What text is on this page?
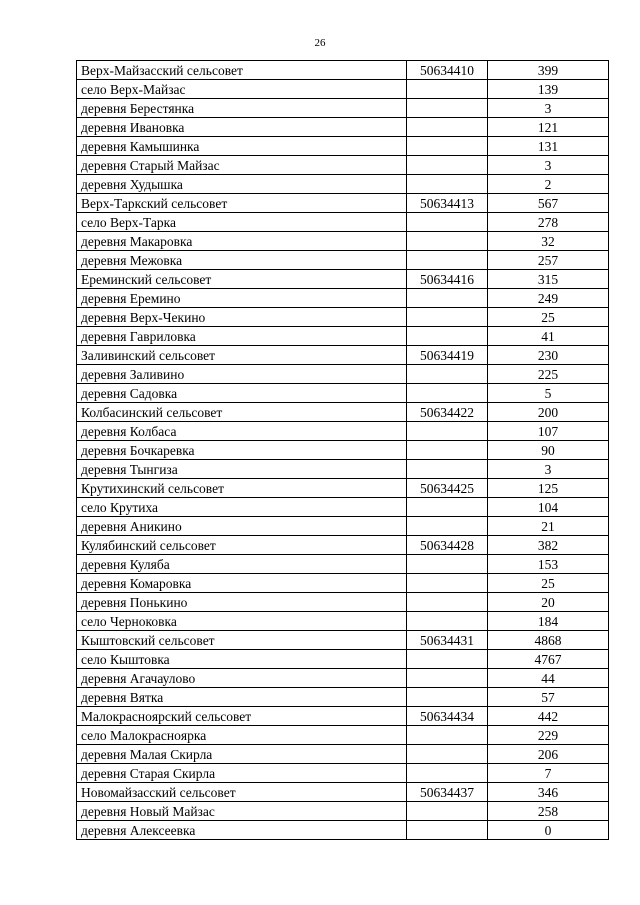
26
Верх-Майзасский сельсовет	50634410	399
село Верх-Майзас		139
деревня Берестянка		3
деревня Ивановка		121
деревня Камышинка		131
деревня Старый Майзас		3
деревня Худышка		2
Верх-Таркский сельсовет	50634413	567
село Верх-Тарка		278
деревня Макаровка		32
деревня Межовка		257
Ереминский сельсовет	50634416	315
деревня Еремино		249
деревня Верх-Чекино		25
деревня Гавриловка		41
Заливинский сельсовет	50634419	230
деревня Заливино		225
деревня Садовка		5
Колбасинский сельсовет	50634422	200
деревня Колбаса		107
деревня Бочкаревка		90
деревня Тынгиза		3
Крутихинский сельсовет	50634425	125
село Крутиха		104
деревня Аникино		21
Кулябинский сельсовет	50634428	382
деревня Куляба		153
деревня Комаровка		25
деревня Понькино		20
село Черноковка		184
Кыштовский сельсовет	50634431	4868
село Кыштовка		4767
деревня Агачаулово		44
деревня Вятка		57
Малокраснoярский сельсовет	50634434	442
село Малокраснoярка		229
деревня Малая Скирла		206
деревня Старая Скирла		7
Новомайзасский сельсовет	50634437	346
деревня Новый Майзас		258
деревня Алексеевка		0
